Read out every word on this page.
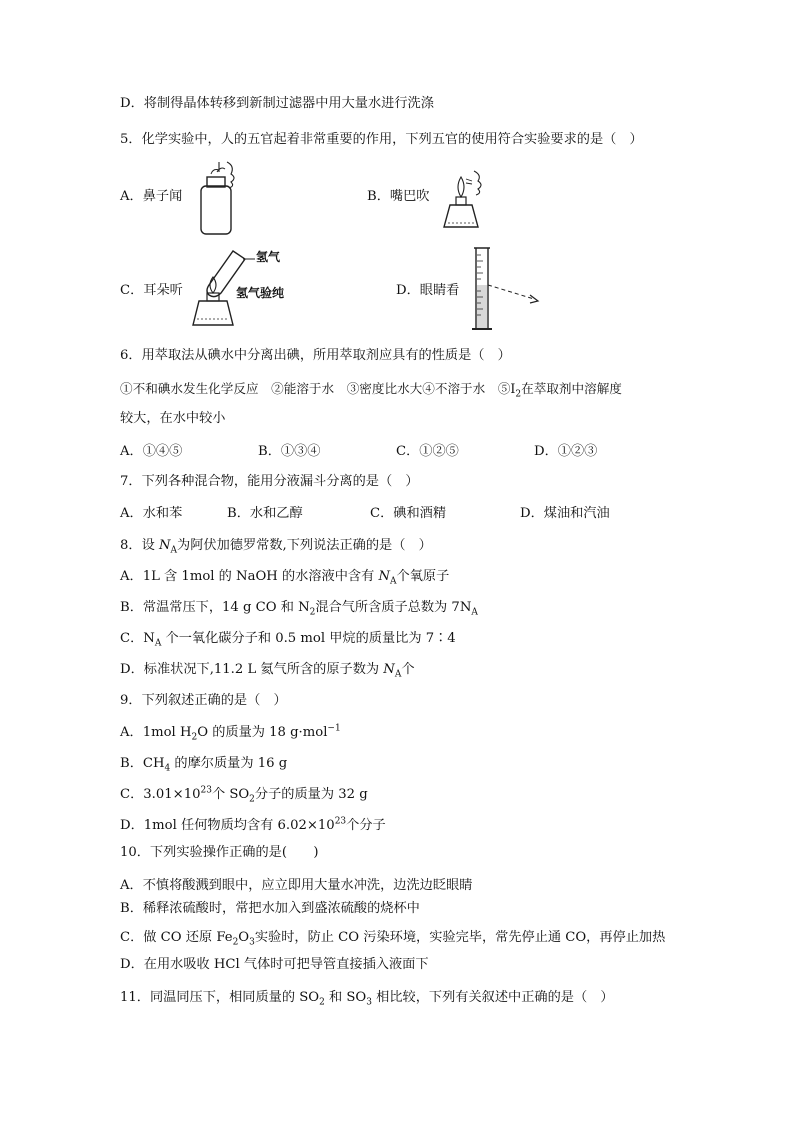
D．将制得晶体转移到新制过滤器中用大量水进行洗涤
5．化学实验中，人的五官起着非常重要的作用，下列五官的使用符合实验要求的是（　）
A．鼻子闻	B．嘴巴吹
C．耳朵听
氢气
氢气验纯	D．眼睛看
6．用萃取法从碘水中分离出碘，所用萃取剂应具有的性质是（　）
①不和碘水发生化学反应　②能溶于水　③密度比水大④不溶于水　$⑤I_2$在萃取剂中溶解度
较大，在水中较小
A．①④⑤	B．①③④	C．①②⑤	D．①②③
7．下列各种混合物，能用分液漏斗分离的是（　）
A．水和苯	B．水和乙醇	C．碘和酒精	D．煤油和汽油
8．设 $N_A$为阿伏加德罗常数,下列说法正确的是（　）
A．1L 含 1mol 的 NaOH 的水溶液中含有 $N_A$个氧原子
B．常温常压下，14 g CO 和 $N_2$混合气所含质子总数为 $7N_A$
C．$N_A$ 个一氧化碳分子和 0.5 mol 甲烷的质量比为 7∶4
D．标准状况下,11.2 L 氦气所含的原子数为 $N_A$个
9．下列叙述正确的是（　）
A．1mol $H_2O$ 的质量为 18 g·mol$^{-1}$
B．$CH_4$ 的摩尔质量为 16 g
C．$3.01\times 10^{23}$个 $SO_2$分子的质量为 32 g
D．1mol 任何物质均含有 $6.02\times 10^{23}$个分子
10．下列实验操作正确的是(　　)
A．不慎将酸溅到眼中，应立即用大量水冲洗，边洗边眨眼睛
B．稀释浓硫酸时，常把水加入到盛浓硫酸的烧杯中
C．做 CO 还原 $Fe_2O_3$实验时，防止 CO 污染环境，实验完毕，常先停止通 CO，再停止加热
D．在用水吸收 HCl 气体时可把导管直接插入液面下
11．同温同压下，相同质量的 $SO_2$ 和 $SO_3$ 相比较，下列有关叙述中正确的是（　）
